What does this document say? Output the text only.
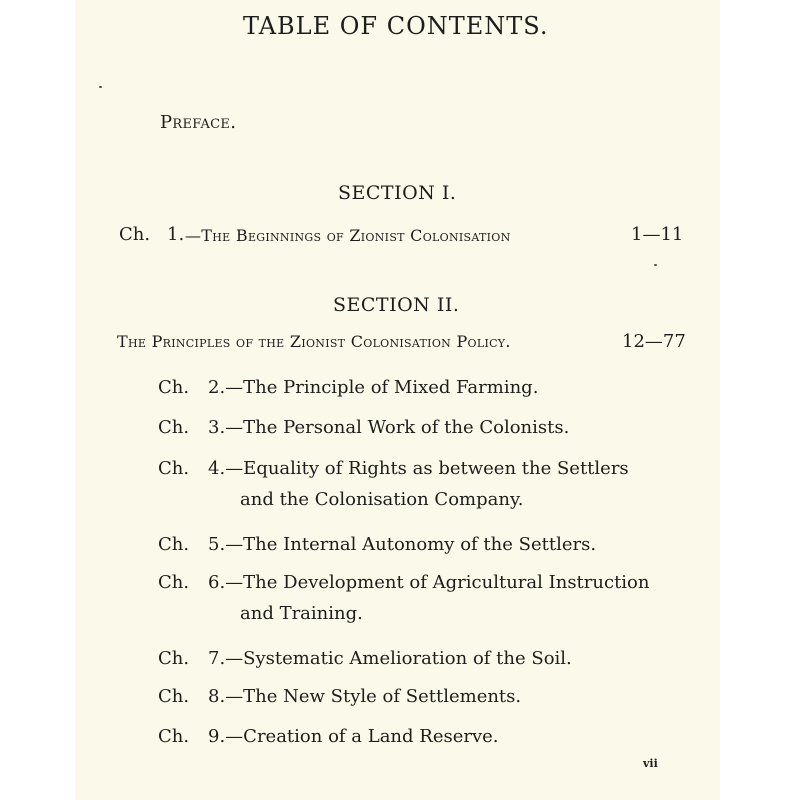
TABLE OF CONTENTS.
Preface.
SECTION I.
Ch. 1. —The Beginnings of Zionist Colonisation	1—11
SECTION II.
The Principles of the Zionist Colonisation Policy.	12—77
Ch. 2.—The Principle of Mixed Farming.
Ch. 3.—The Personal Work of the Colonists.
Ch. 4.—Equality of Rights as between the Settlers
and the Colonisation Company.
Ch. 5.—The Internal Autonomy of the Settlers.
Ch. 6.—The Development of Agricultural Instruction
and Training.
Ch. 7.—Systematic Amelioration of the Soil.
Ch. 8.—The New Style of Settlements.
Ch. 9.—Creation of a Land Reserve.
vii
